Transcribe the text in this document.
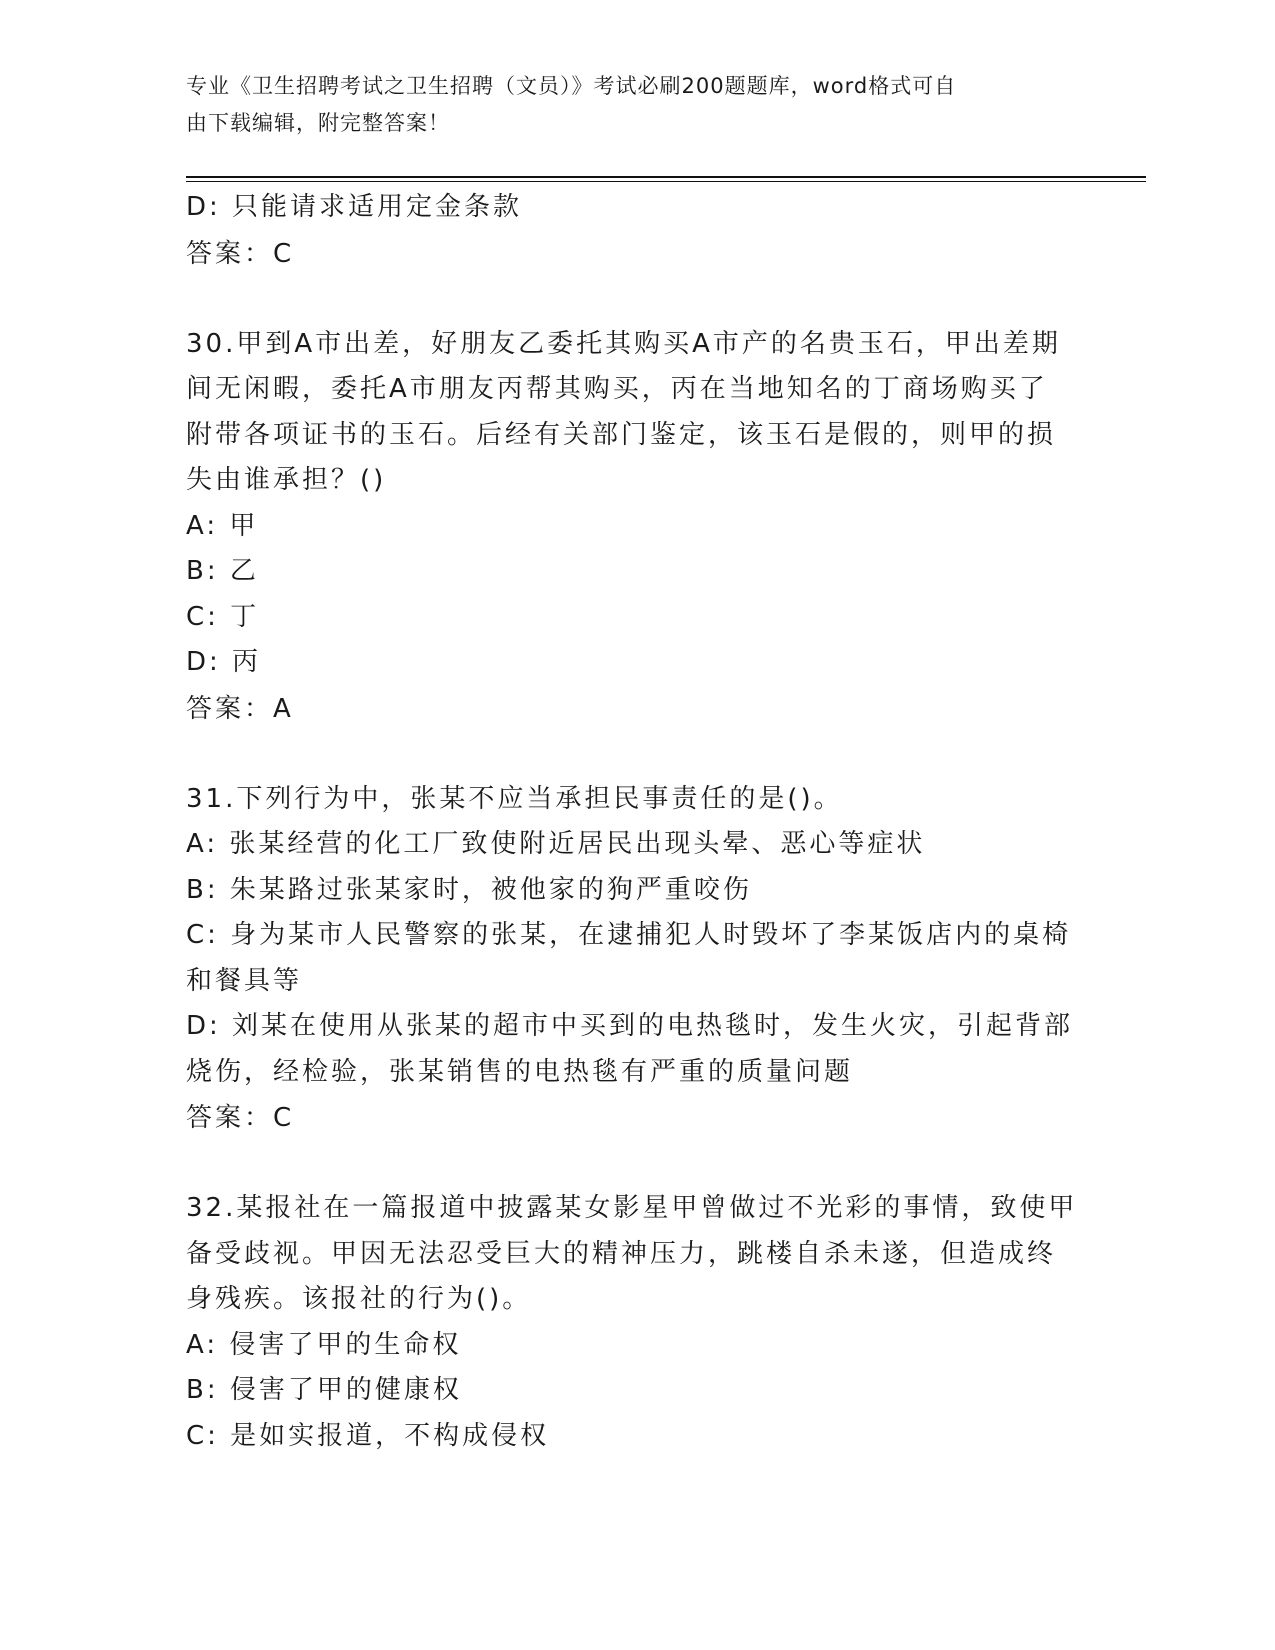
专业《卫生招聘考试之卫生招聘（文员）》考试必刷200题题库，word格式可自
由下载编辑，附完整答案！
D: 只能请求适用定金条款
答案：C
30.甲到A市出差，好朋友乙委托其购买A市产的名贵玉石，甲出差期
间无闲暇，委托A市朋友丙帮其购买，丙在当地知名的丁商场购买了
附带各项证书的玉石。后经有关部门鉴定，该玉石是假的，则甲的损
失由谁承担？()
A: 甲
B: 乙
C: 丁
D: 丙
答案：A
31.下列行为中，张某不应当承担民事责任的是()。
A: 张某经营的化工厂致使附近居民出现头晕、恶心等症状
B: 朱某路过张某家时，被他家的狗严重咬伤
C: 身为某市人民警察的张某，在逮捕犯人时毁坏了李某饭店内的桌椅
和餐具等
D: 刘某在使用从张某的超市中买到的电热毯时，发生火灾，引起背部
烧伤，经检验，张某销售的电热毯有严重的质量问题
答案：C
32.某报社在一篇报道中披露某女影星甲曾做过不光彩的事情，致使甲
备受歧视。甲因无法忍受巨大的精神压力，跳楼自杀未遂，但造成终
身残疾。该报社的行为()。
A: 侵害了甲的生命权
B: 侵害了甲的健康权
C: 是如实报道，不构成侵权
